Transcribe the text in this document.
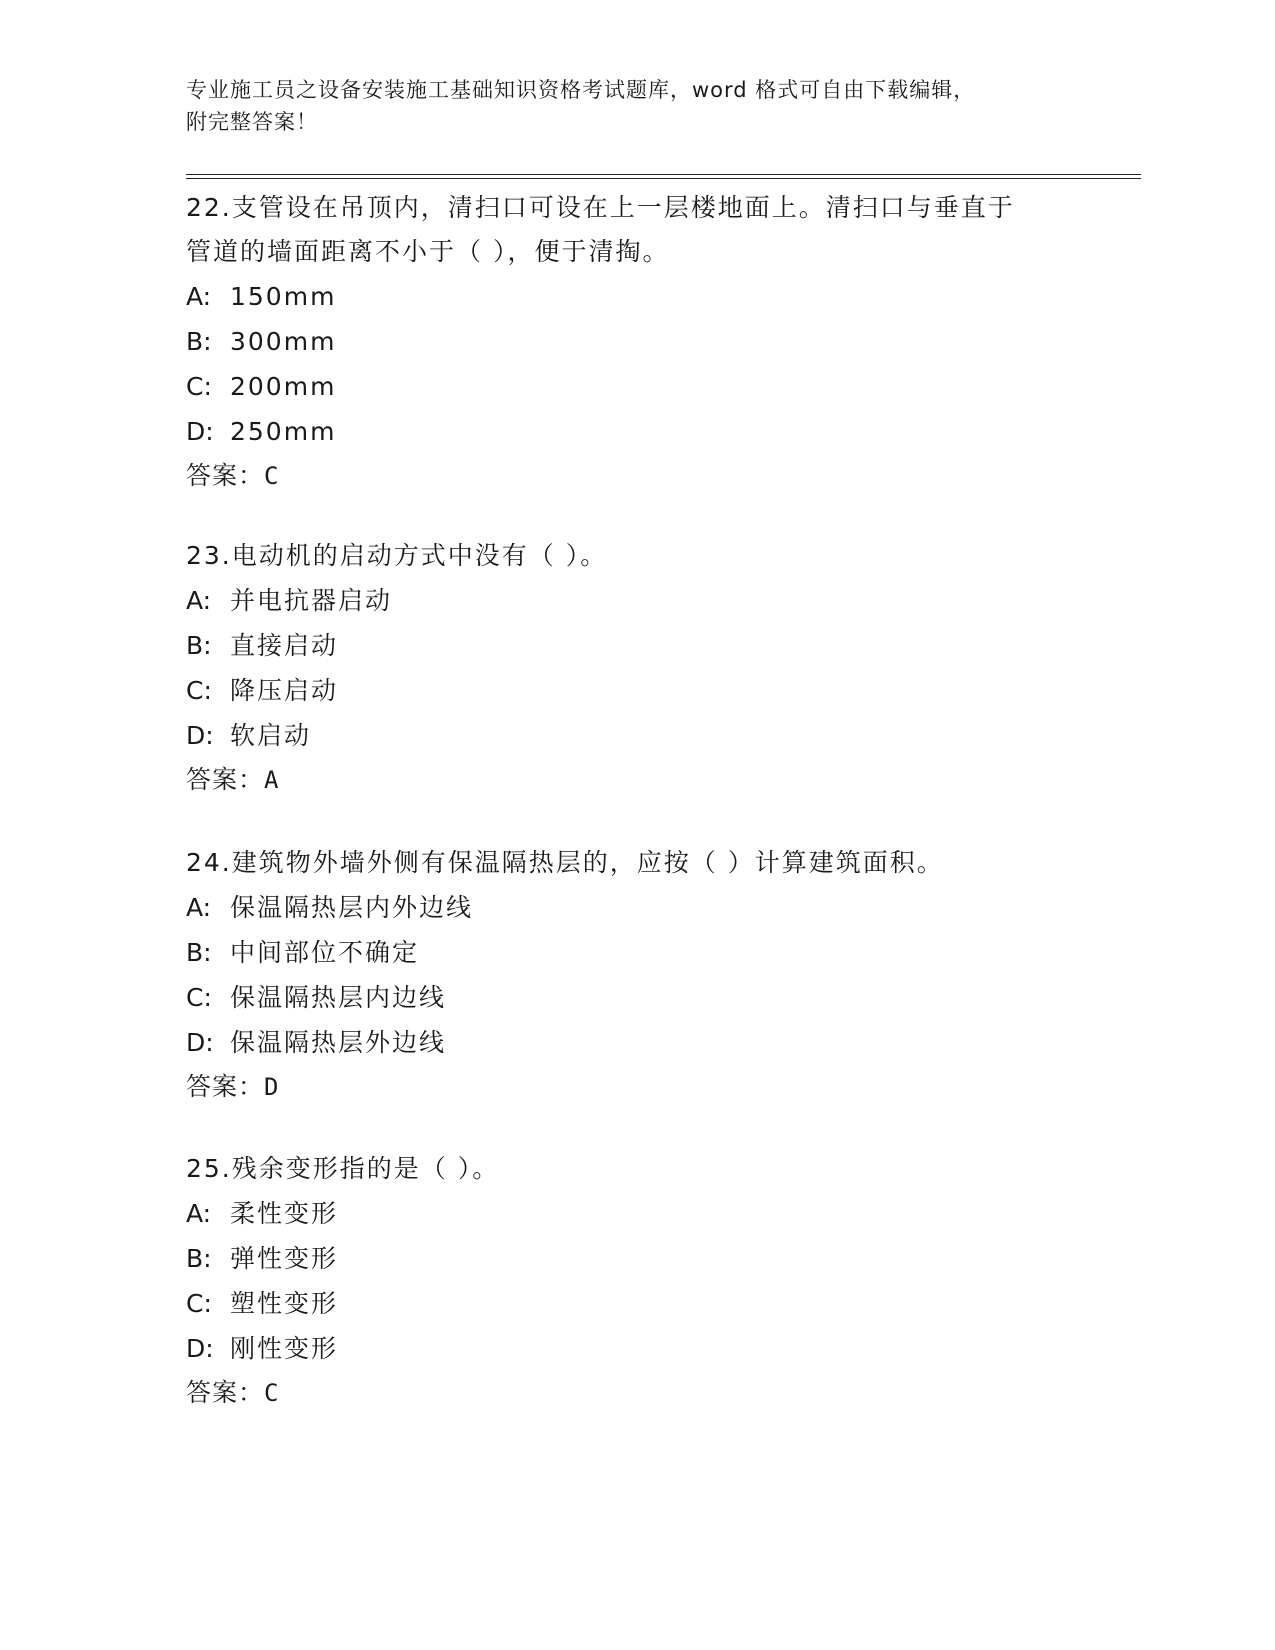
专业施工员之设备安装施工基础知识资格考试题库，word 格式可自由下载编辑，
附完整答案！

22.支管设在吊顶内，清扫口可设在上一层楼地面上。清扫口与垂直于

管道的墙面距离不小于（ ），便于清掏。

A: 150mm

B: 300mm

C: 200mm

D: 250mm

答案：C

23.电动机的启动方式中没有（ ）。

A: 并电抗器启动

B: 直接启动

C: 降压启动

D: 软启动

答案：A

24.建筑物外墙外侧有保温隔热层的，应按（ ）计算建筑面积。

A: 保温隔热层内外边线

B: 中间部位不确定

C: 保温隔热层内边线

D: 保温隔热层外边线

答案：D

25.残余变形指的是（ ）。

A: 柔性变形

B: 弹性变形

C: 塑性变形

D: 刚性变形

答案：C
